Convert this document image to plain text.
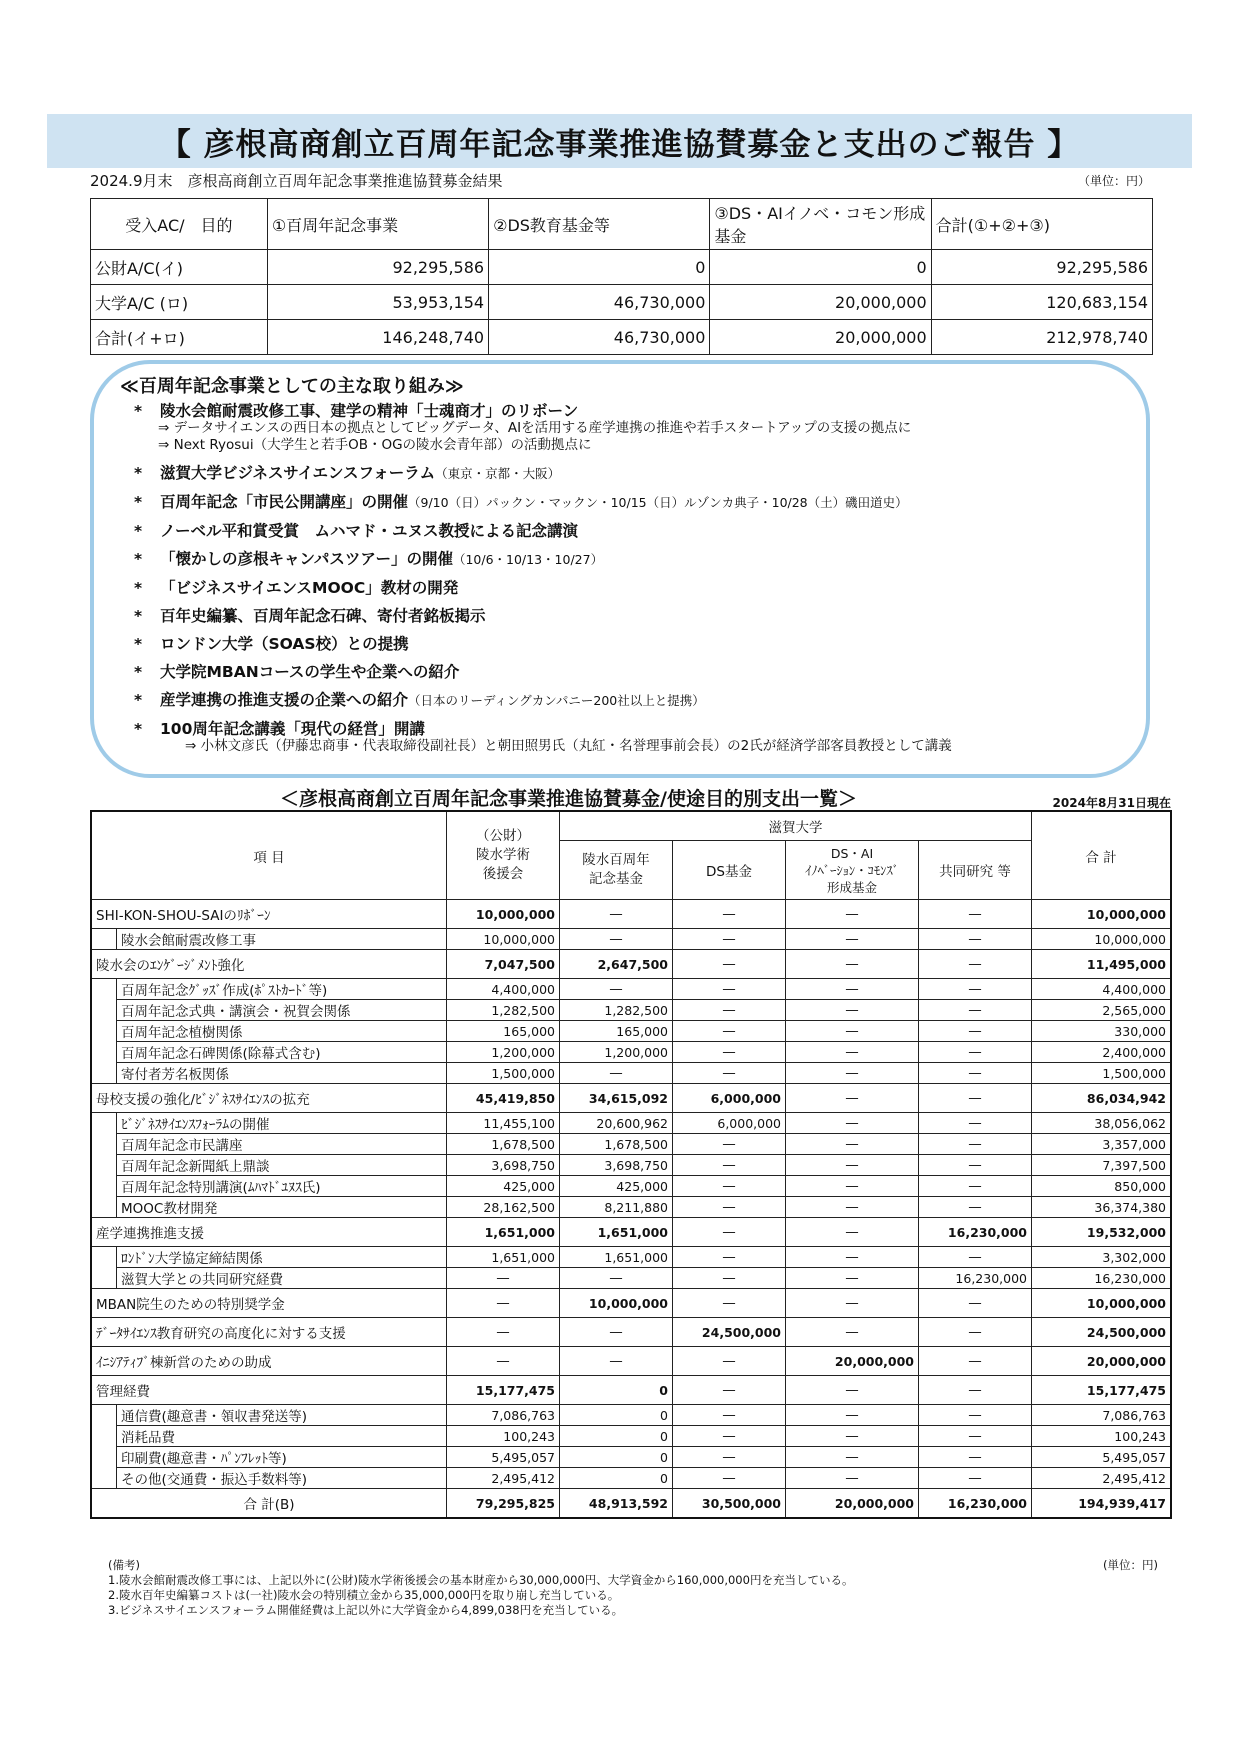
【 彦根高商創立百周年記念事業推進協賛募金と支出のご報告 】
2024.9月末　彦根高商創立百周年記念事業推進協賛募金結果	（単位：円）
受入AC/　目的	①百周年記念事業	②DS教育基金等	③DS・AIイノベ・コモン形成基金	合計(①+②+③)
公財A/C(イ)	92,295,586	0	0	92,295,586
大学A/C (ロ)	53,953,154	46,730,000	20,000,000	120,683,154
合計(イ+ロ)	146,248,740	46,730,000	20,000,000	212,978,740
≪百周年記念事業としての主な取り組み≫
* 陵水会館耐震改修工事、建学の精神「士魂商才」のリボーン
⇒ データサイエンスの西日本の拠点としてビッグデータ、AIを活用する産学連携の推進や若手スタートアップの支援の拠点に
⇒ Next Ryosui（大学生と若手OB・OGの陵水会青年部）の活動拠点に
* 滋賀大学ビジネスサイエンスフォーラム（東京・京都・大阪）
* 百周年記念「市民公開講座」の開催（9/10（日）パックン・マックン・10/15（日）ルゾンカ典子・10/28（土）磯田道史）
* ノーベル平和賞受賞　ムハマド・ユヌス教授による記念講演
* 「懐かしの彦根キャンパスツアー」の開催（10/6・10/13・10/27）
* 「ビジネスサイエンスMOOC」教材の開発
* 百年史編纂、百周年記念石碑、寄付者銘板掲示
* ロンドン大学（SOAS校）との提携
* 大学院MBANコースの学生や企業への紹介
* 産学連携の推進支援の企業への紹介（日本のリーディングカンパニー200社以上と提携）
* 100周年記念講義「現代の経営」開講
　　⇒ 小林文彦氏（伊藤忠商事・代表取締役副社長）と朝田照男氏（丸紅・名誉理事前会長）の2氏が経済学部客員教授として講義
＜彦根高商創立百周年記念事業推進協賛募金/使途目的別支出一覧＞	2024年8月31日現在
項 目		（公財）
陵水学術
後援会	滋賀大学				合 計
			陵水百周年
記念基金	DS基金	DS・AI
ｲﾉﾍﾞｰｼｮﾝ・ｺﾓﾝｽﾞ
形成基金	共同研究 等	
SHI-KON-SHOU-SAIのﾘﾎﾞｰﾝ		10,000,000	—	—	—	—	10,000,000
	陵水会館耐震改修工事	10,000,000	—	—	—	—	10,000,000
陵水会のｴﾝｹﾞｰｼﾞﾒﾝﾄ強化		7,047,500	2,647,500	—	—	—	11,495,000
	百周年記念ｸﾞｯｽﾞ作成(ﾎﾟｽﾄｶｰﾄﾞ等)	4,400,000	—	—	—	—	4,400,000
	百周年記念式典・講演会・祝賀会関係	1,282,500	1,282,500	—	—	—	2,565,000
	百周年記念植樹関係	165,000	165,000	—	—	—	330,000
	百周年記念石碑関係(除幕式含む)	1,200,000	1,200,000	—	—	—	2,400,000
	寄付者芳名板関係	1,500,000	—	—	—	—	1,500,000
母校支援の強化/ﾋﾞｼﾞﾈｽｻｲｴﾝｽの拡充		45,419,850	34,615,092	6,000,000	—	—	86,034,942
	ﾋﾞｼﾞﾈｽｻｲｴﾝｽﾌｫｰﾗﾑの開催	11,455,100	20,600,962	6,000,000	—	—	38,056,062
	百周年記念市民講座	1,678,500	1,678,500	—	—	—	3,357,000
	百周年記念新聞紙上鼎談	3,698,750	3,698,750	—	—	—	7,397,500
	百周年記念特別講演(ﾑﾊﾏﾄﾞﾕﾇｽ氏)	425,000	425,000	—	—	—	850,000
	MOOC教材開発	28,162,500	8,211,880	—	—	—	36,374,380
産学連携推進支援		1,651,000	1,651,000	—	—	16,230,000	19,532,000
	ﾛﾝﾄﾞﾝ大学協定締結関係	1,651,000	1,651,000	—	—	—	3,302,000
	滋賀大学との共同研究経費	—	—	—	—	16,230,000	16,230,000
MBAN院生のための特別奨学金		—	10,000,000	—	—	—	10,000,000
ﾃﾞｰﾀｻｲｴﾝｽ教育研究の高度化に対する支援		—	—	24,500,000	—	—	24,500,000
ｲﾆｼｱﾃｨﾌﾞ棟新営のための助成		—	—	—	20,000,000	—	20,000,000
管理経費		15,177,475	0	—	—	—	15,177,475
	通信費(趣意書・領収書発送等)	7,086,763	0	—	—	—	7,086,763
	消耗品費	100,243	0	—	—	—	100,243
	印刷費(趣意書・ﾊﾟﾝﾌﾚｯﾄ等)	5,495,057	0	—	—	—	5,495,057
	その他(交通費・振込手数料等)	2,495,412	0	—	—	—	2,495,412
合 計(B)		79,295,825	48,913,592	30,500,000	20,000,000	16,230,000	194,939,417
(備考)	(単位：円)
1.陵水会館耐震改修工事には、上記以外に(公財)陵水学術後援会の基本財産から30,000,000円、大学資金から160,000,000円を充当している。
2.陵水百年史編纂コストは(一社)陵水会の特別積立金から35,000,000円を取り崩し充当している。
3.ビジネスサイエンスフォーラム開催経費は上記以外に大学資金から4,899,038円を充当している。
